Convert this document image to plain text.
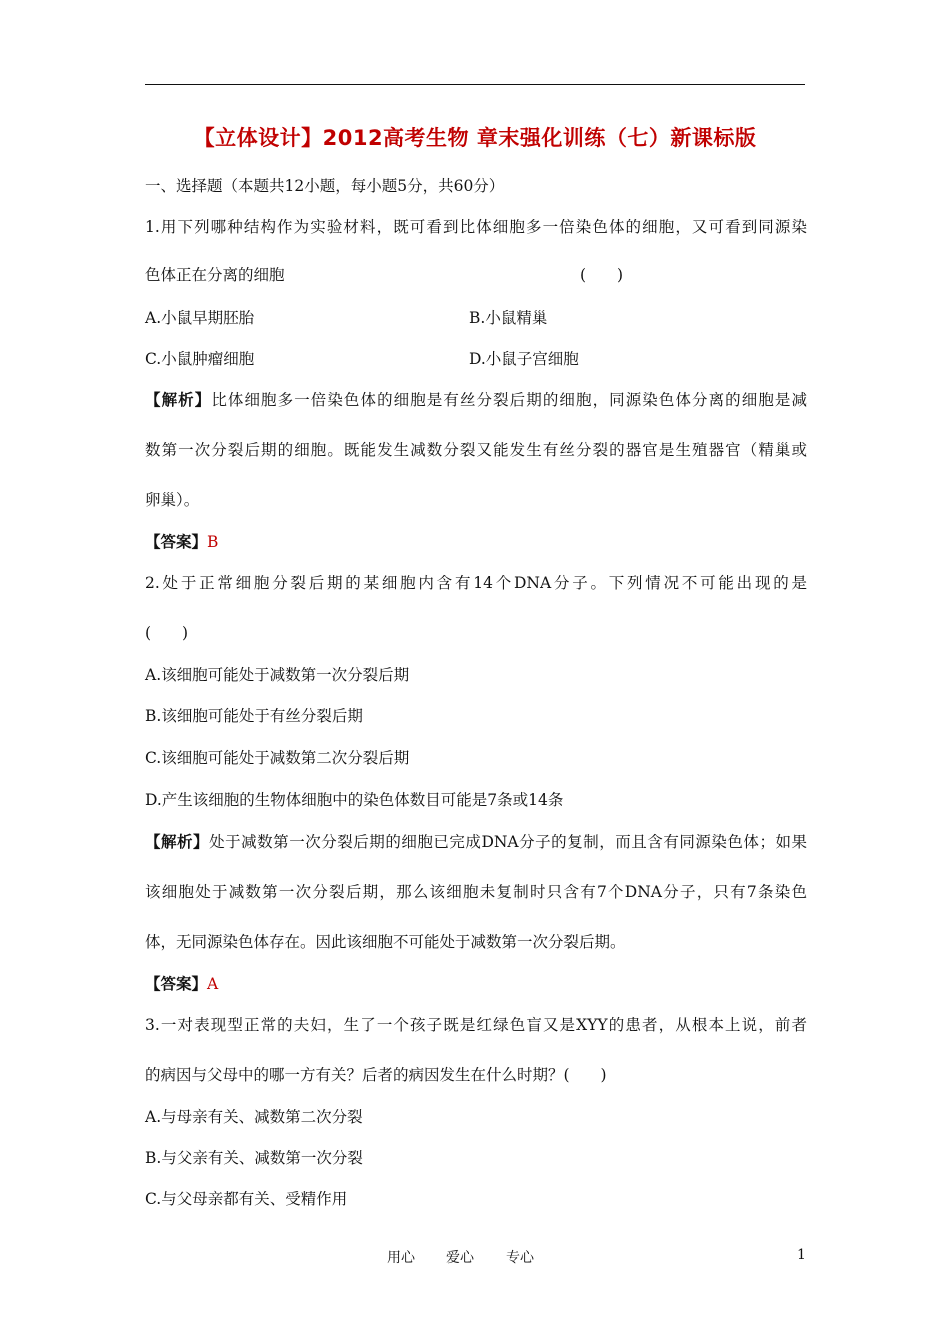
【立体设计】2012高考生物 章末强化训练（七）新课标版
一、选择题（本题共12小题，每小题5分，共60分）
1.用下列哪种结构作为实验材料，既可看到比体细胞多一倍染色体的细胞，又可看到同源染
色体正在分离的细胞	(　　)
A.小鼠早期胚胎	B.小鼠精巢
C.小鼠肿瘤细胞	D.小鼠子宫细胞
【解析】比体细胞多一倍染色体的细胞是有丝分裂后期的细胞，同源染色体分离的细胞是减
数第一次分裂后期的细胞。既能发生减数分裂又能发生有丝分裂的器官是生殖器官（精巢或
卵巢）。
【答案】B
2.处于正常细胞分裂后期的某细胞内含有14个DNA分子。下列情况不可能出现的是
(　　)
A.该细胞可能处于减数第一次分裂后期
B.该细胞可能处于有丝分裂后期
C.该细胞可能处于减数第二次分裂后期
D.产生该细胞的生物体细胞中的染色体数目可能是7条或14条
【解析】处于减数第一次分裂后期的细胞已完成DNA分子的复制，而且含有同源染色体；如果
该细胞处于减数第一次分裂后期，那么该细胞未复制时只含有7个DNA分子，只有7条染色
体，无同源染色体存在。因此该细胞不可能处于减数第一次分裂后期。
【答案】A
3.一对表现型正常的夫妇，生了一个孩子既是红绿色盲又是XYY的患者，从根本上说，前者
的病因与父母中的哪一方有关？后者的病因发生在什么时期？(　　)
A.与母亲有关、减数第二次分裂
B.与父亲有关、减数第一次分裂
C.与父母亲都有关、受精作用
用心 爱心 专心	1
